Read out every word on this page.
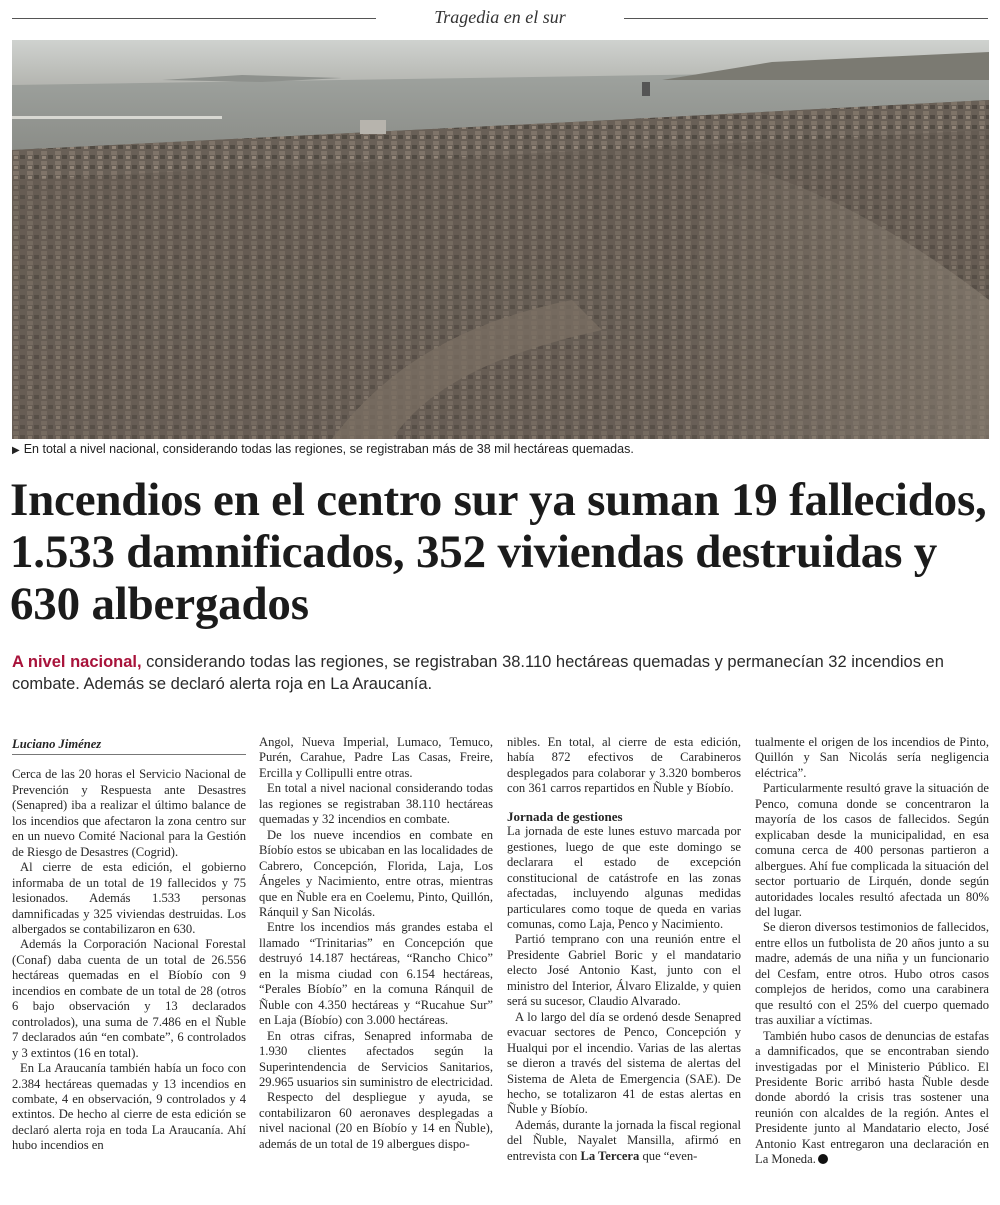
Tragedia en el sur
▶ En total a nivel nacional, considerando todas las regiones, se registraban más de 38 mil hectáreas quemadas.
Incendios en el centro sur ya suman 19 fallecidos, 1.533 damnificados, 352 viviendas destruidas y 630 albergados
A nivel nacional, considerando todas las regiones, se registraban 38.110 hectáreas quemadas y permanecían 32 incendios en combate. Además se declaró alerta roja en La Araucanía.
Luciano Jiménez

Cerca de las 20 horas el Servicio Nacional de Prevención y Respuesta ante Desastres (Senapred) iba a realizar el último balance de los incendios que afectaron la zona centro sur en un nuevo Comité Nacional para la Gestión de Riesgo de Desastres (Cogrid).

Al cierre de esta edición, el gobierno informaba de un total de 19 fallecidos y 75 lesionados. Además 1.533 personas damnificadas y 325 viviendas destruidas. Los albergados se contabilizaron en 630.

Además la Corporación Nacional Forestal (Conaf) daba cuenta de un total de 26.556 hectáreas quemadas en el Bíobío con 9 incendios en combate de un total de 28 (otros 6 bajo observación y 13 declarados controlados), una suma de 7.486 en el Ñuble 7 declarados aún “en combate”, 6 controlados y 3 extintos (16 en total).

En La Araucanía también había un foco con 2.384 hectáreas quemadas y 13 incendios en combate, 4 en observación, 9 controlados y 4 extintos. De hecho al cierre de esta edición se declaró alerta roja en toda La Araucanía. Ahí hubo incendios en

Angol, Nueva Imperial, Lumaco, Temuco, Purén, Carahue, Padre Las Casas, Freire, Ercilla y Collipulli entre otras.

En total a nivel nacional considerando todas las regiones se registraban 38.110 hectáreas quemadas y 32 incendios en combate.

De los nueve incendios en combate en Bíobío estos se ubicaban en las localidades de Cabrero, Concepción, Florida, Laja, Los Ángeles y Nacimiento, entre otras, mientras que en Ñuble era en Coelemu, Pinto, Quillón, Ránquil y San Nicolás.

Entre los incendios más grandes estaba el llamado “Trinitarias” en Concepción que destruyó 14.187 hectáreas, “Rancho Chico” en la misma ciudad con 6.154 hectáreas, “Perales Bíobío” en la comuna Ránquil de Ñuble con 4.350 hectáreas y “Rucahue Sur” en Laja (Bíobío) con 3.000 hectáreas.

En otras cifras, Senapred informaba de 1.930 clientes afectados según la Superintendencia de Servicios Sanitarios, 29.965 usuarios sin suministro de electricidad.

Respecto del despliegue y ayuda, se contabilizaron 60 aeronaves desplegadas a nivel nacional (20 en Bíobío y 14 en Ñuble), además de un total de 19 albergues dispo-

nibles. En total, al cierre de esta edición, había 872 efectivos de Carabineros desplegados para colaborar y 3.320 bomberos con 361 carros repartidos en Ñuble y Bíobío.

Jornada de gestiones

La jornada de este lunes estuvo marcada por gestiones, luego de que este domingo se declarara el estado de excepción constitucional de catástrofe en las zonas afectadas, incluyendo algunas medidas particulares como toque de queda en varias comunas, como Laja, Penco y Nacimiento.

Partió temprano con una reunión entre el Presidente Gabriel Boric y el mandatario electo José Antonio Kast, junto con el ministro del Interior, Álvaro Elizalde, y quien será su sucesor, Claudio Alvarado.

A lo largo del día se ordenó desde Senapred evacuar sectores de Penco, Concepción y Hualqui por el incendio. Varias de las alertas se dieron a través del sistema de alertas del Sistema de Aleta de Emergencia (SAE). De hecho, se totalizaron 41 de estas alertas en Ñuble y Bíobío.

Además, durante la jornada la fiscal regional del Ñuble, Nayalet Mansilla, afirmó en entrevista con La Tercera que “even-

tualmente el origen de los incendios de Pinto, Quillón y San Nicolás sería negligencia eléctrica”.

Particularmente resultó grave la situación de Penco, comuna donde se concentraron la mayoría de los casos de fallecidos. Según explicaban desde la municipalidad, en esa comuna cerca de 400 personas partieron a albergues. Ahí fue complicada la situación del sector portuario de Lirquén, donde según autoridades locales resultó afectada un 80% del lugar.

Se dieron diversos testimonios de fallecidos, entre ellos un futbolista de 20 años junto a su madre, además de una niña y un funcionario del Cesfam, entre otros. Hubo otros casos complejos de heridos, como una carabinera que resultó con el 25% del cuerpo quemado tras auxiliar a víctimas.

También hubo casos de denuncias de estafas a damnificados, que se encontraban siendo investigadas por el Ministerio Público. El Presidente Boric arribó hasta Ñuble desde donde abordó la crisis tras sostener una reunión con alcaldes de la región. Antes el Presidente junto al Mandatario electo, José Antonio Kast entregaron una declaración en La Moneda.
